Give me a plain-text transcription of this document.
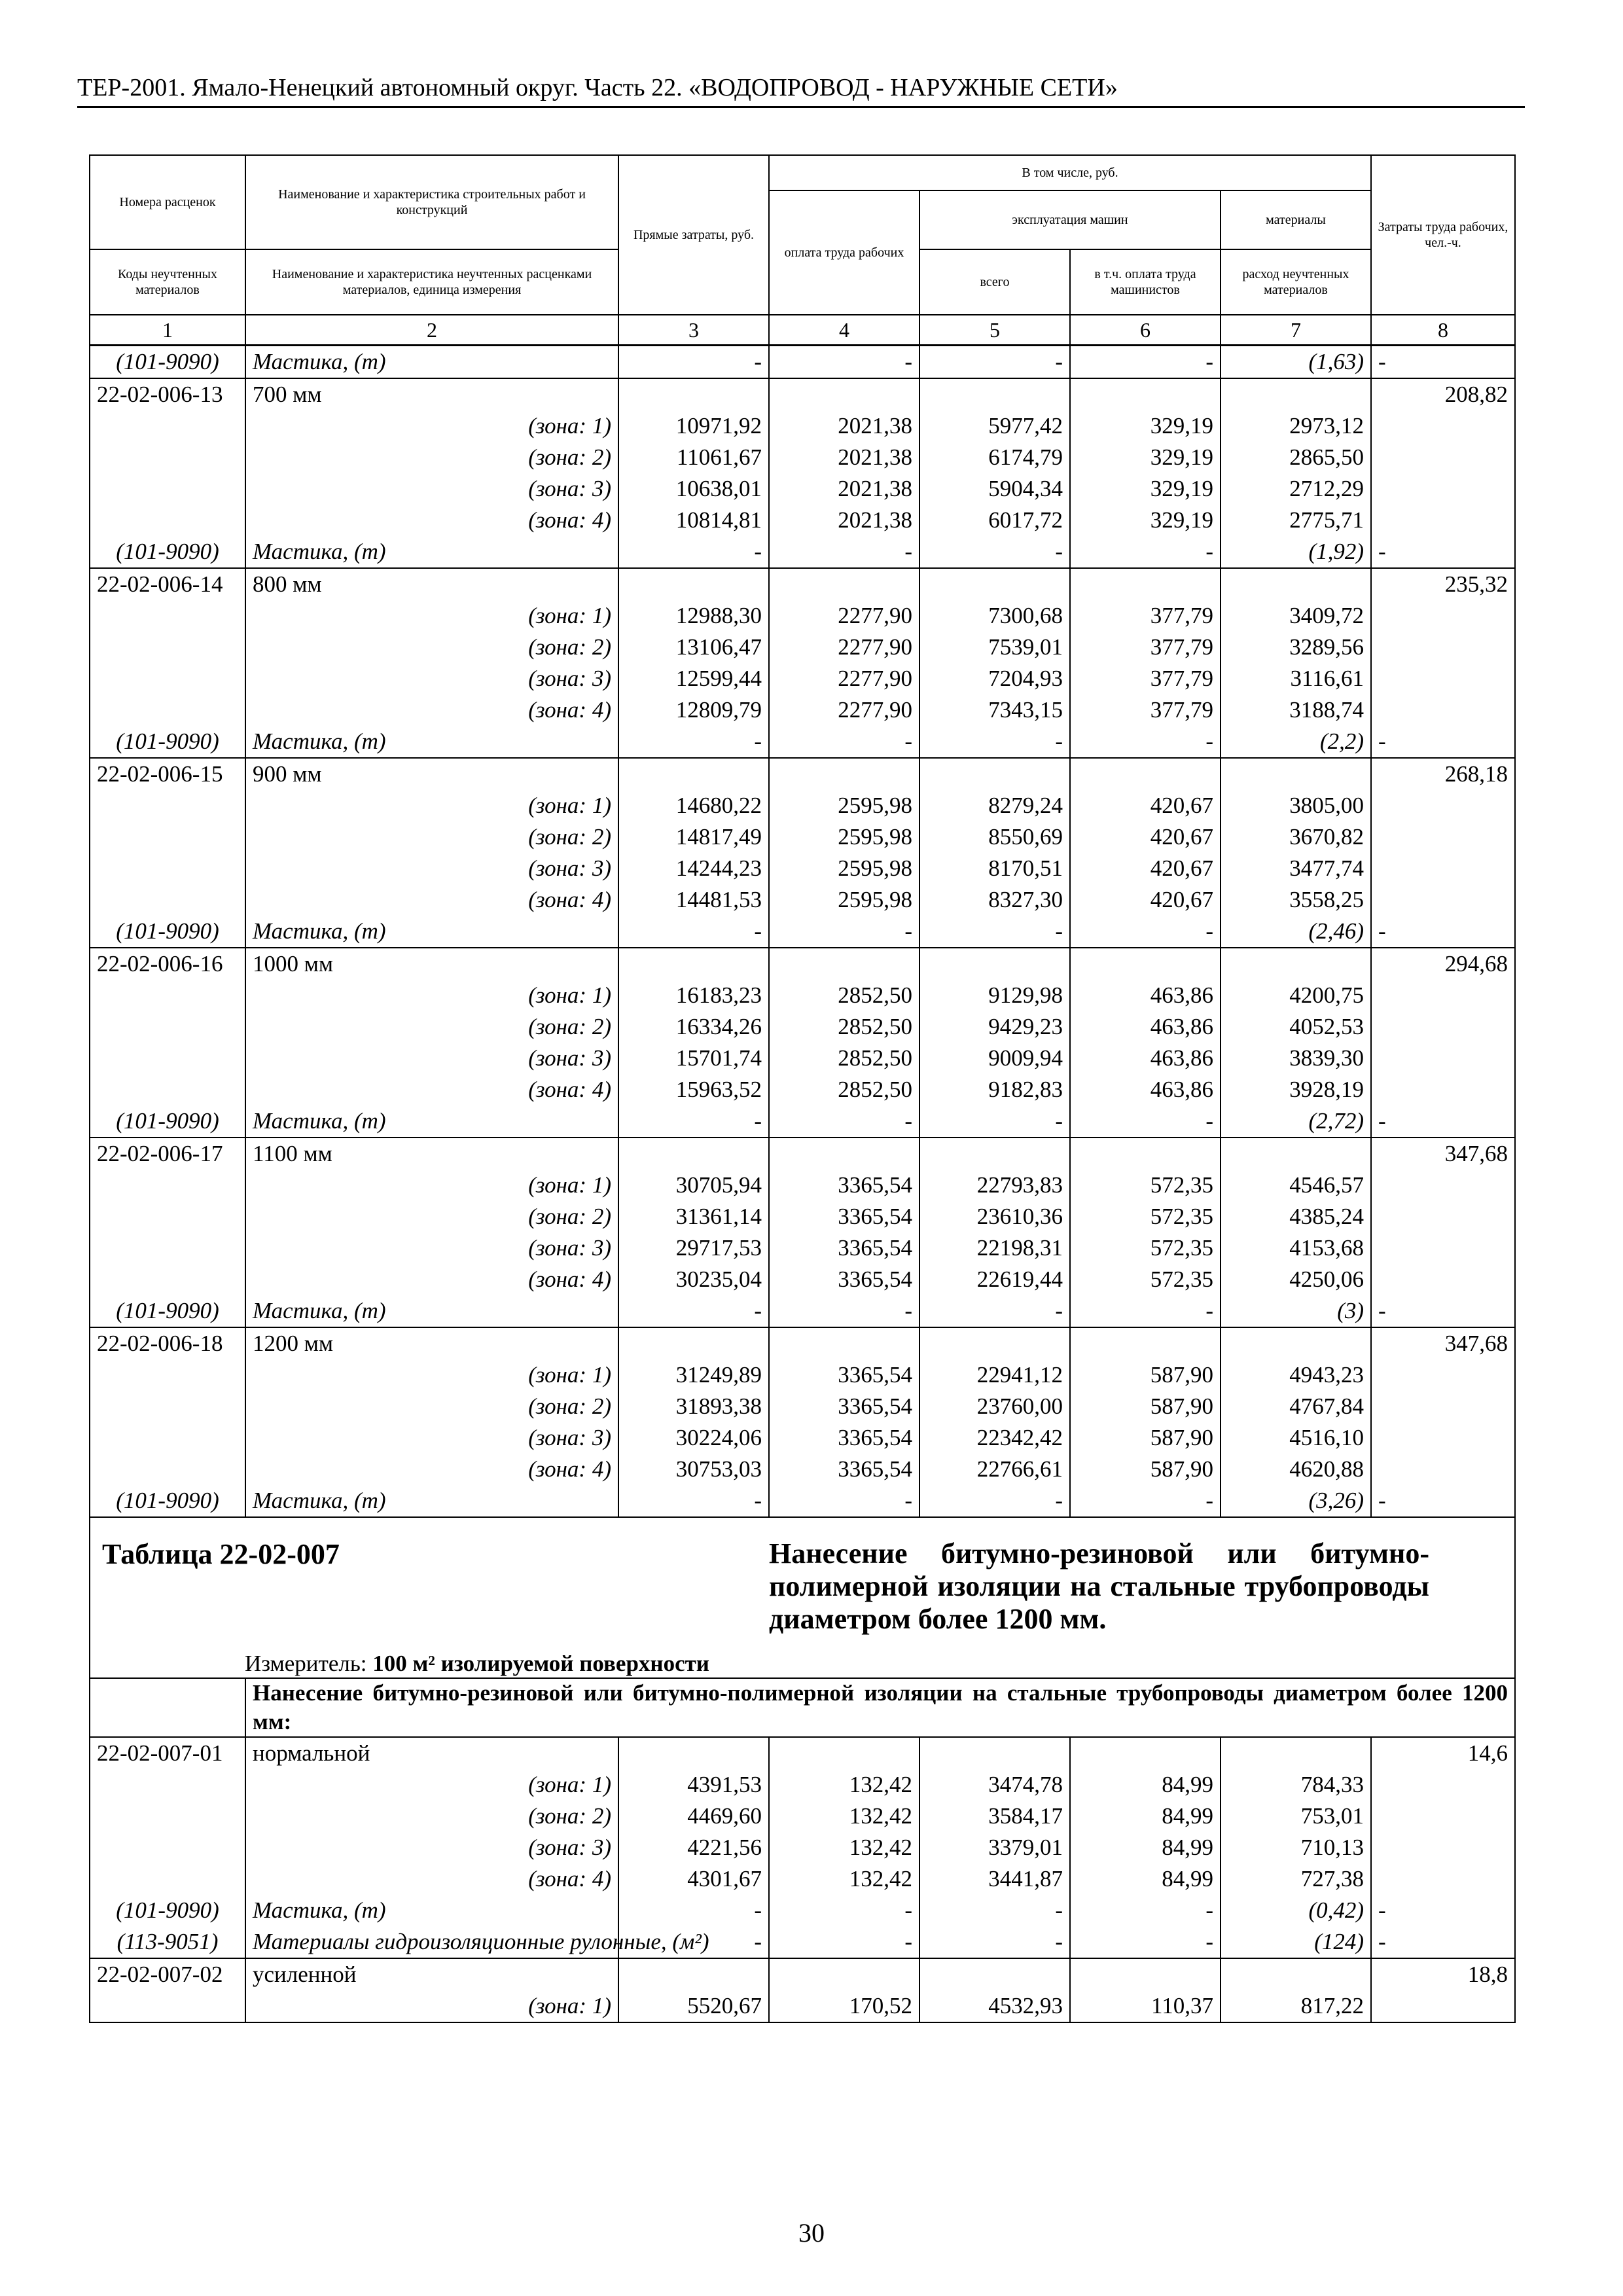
ТЕР-2001. Ямало-Ненецкий автономный округ. Часть 22. «ВОДОПРОВОД - НАРУЖНЫЕ СЕТИ»
Номера расценок	Наименование и характеристика строительных работ и конструкций	Прямые затраты, руб.	В том числе, руб.				Затраты труда рабочих, чел.-ч.
			оплата труда рабочих	эксплуатация машин		материалы	
Коды неучтенных материалов	Наименование и характеристика неучтенных расценками материалов, единица измерения			всего	в т.ч. оплата труда машинистов	расход неучтенных материалов	
1	2	3	4	5	6	7	8
(101-9090)	Мастика, (т)	-	-	-	-	(1,63)	-
22-02-006-13	700 мм						208,82
	(зона: 1)	10971,92	2021,38	5977,42	329,19	2973,12	
	(зона: 2)	11061,67	2021,38	6174,79	329,19	2865,50	
	(зона: 3)	10638,01	2021,38	5904,34	329,19	2712,29	
	(зона: 4)	10814,81	2021,38	6017,72	329,19	2775,71	
(101-9090)	Мастика, (т)	-	-	-	-	(1,92)	-
22-02-006-14	800 мм						235,32
	(зона: 1)	12988,30	2277,90	7300,68	377,79	3409,72	
	(зона: 2)	13106,47	2277,90	7539,01	377,79	3289,56	
	(зона: 3)	12599,44	2277,90	7204,93	377,79	3116,61	
	(зона: 4)	12809,79	2277,90	7343,15	377,79	3188,74	
(101-9090)	Мастика, (т)	-	-	-	-	(2,2)	-
22-02-006-15	900 мм						268,18
	(зона: 1)	14680,22	2595,98	8279,24	420,67	3805,00	
	(зона: 2)	14817,49	2595,98	8550,69	420,67	3670,82	
	(зона: 3)	14244,23	2595,98	8170,51	420,67	3477,74	
	(зона: 4)	14481,53	2595,98	8327,30	420,67	3558,25	
(101-9090)	Мастика, (т)	-	-	-	-	(2,46)	-
22-02-006-16	1000 мм						294,68
	(зона: 1)	16183,23	2852,50	9129,98	463,86	4200,75	
	(зона: 2)	16334,26	2852,50	9429,23	463,86	4052,53	
	(зона: 3)	15701,74	2852,50	9009,94	463,86	3839,30	
	(зона: 4)	15963,52	2852,50	9182,83	463,86	3928,19	
(101-9090)	Мастика, (т)	-	-	-	-	(2,72)	-
22-02-006-17	1100 мм						347,68
	(зона: 1)	30705,94	3365,54	22793,83	572,35	4546,57	
	(зона: 2)	31361,14	3365,54	23610,36	572,35	4385,24	
	(зона: 3)	29717,53	3365,54	22198,31	572,35	4153,68	
	(зона: 4)	30235,04	3365,54	22619,44	572,35	4250,06	
(101-9090)	Мастика, (т)	-	-	-	-	(3)	-
22-02-006-18	1200 мм						347,68
	(зона: 1)	31249,89	3365,54	22941,12	587,90	4943,23	
	(зона: 2)	31893,38	3365,54	23760,00	587,90	4767,84	
	(зона: 3)	30224,06	3365,54	22342,42	587,90	4516,10	
	(зона: 4)	30753,03	3365,54	22766,61	587,90	4620,88	
(101-9090)	Мастика, (т)	-	-	-	-	(3,26)	-

Таблица 22-02-007
Измеритель: 100 м² изолируемой поверхности			Нанесение битумно-резиновой или битумно-полимерной изоляции на стальные трубопроводы диаметром более 1200 мм.				

	Нанесение битумно-резиновой или битумно-полимерной изоляции на стальные трубопроводы диаметром более 1200 мм:						
22-02-007-01	нормальной						14,6
	(зона: 1)	4391,53	132,42	3474,78	84,99	784,33	
	(зона: 2)	4469,60	132,42	3584,17	84,99	753,01	
	(зона: 3)	4221,56	132,42	3379,01	84,99	710,13	
	(зона: 4)	4301,67	132,42	3441,87	84,99	727,38	
(101-9090)	Мастика, (т)	-	-	-	-	(0,42)	-
(113-9051)	Материалы гидроизоляционные рулонные, (м²)	-	-	-	-	(124)	-
22-02-007-02	усиленной						18,8
	(зона: 1)	5520,67	170,52	4532,93	110,37	817,22	
30
